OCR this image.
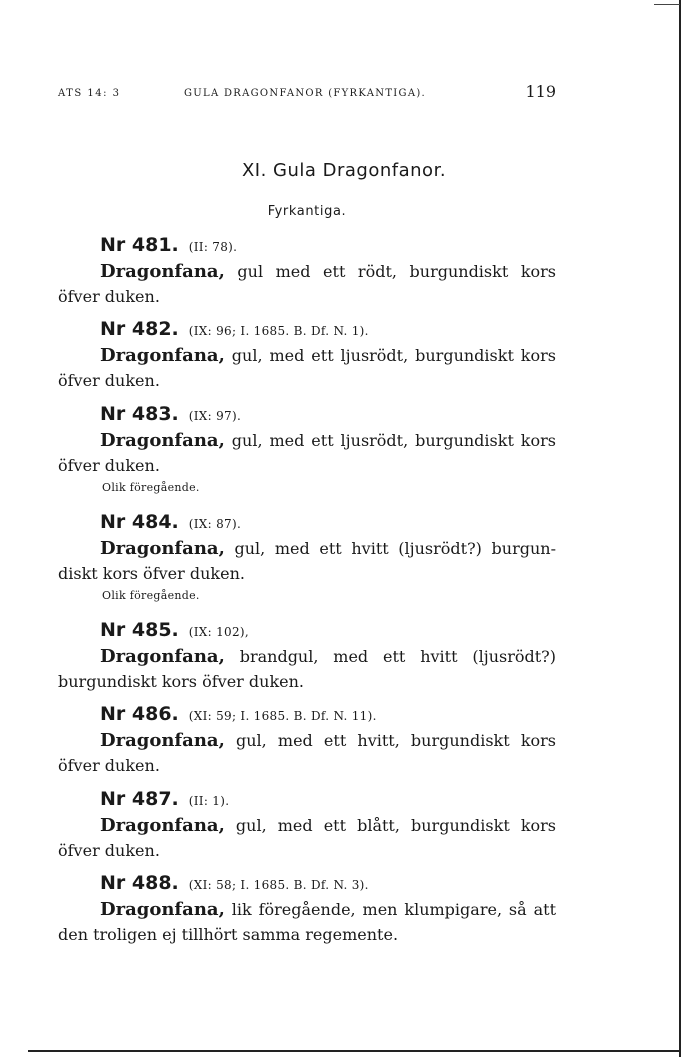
ATS 14: 3	GULA DRAGONFANOR (FYRKANTIGA).	119
XI. Gula Dragonfanor.
Fyrkantiga.
Nr 481. (II: 78).
Dragonfana, gul med ett rödt, burgundiskt kors öfver duken.
Nr 482. (IX: 96; I. 1685. B. Df. N. 1).
Dragonfana, gul, med ett ljusrödt, burgundiskt kors öfver duken.
Nr 483. (IX: 97).
Dragonfana, gul, med ett ljusrödt, burgundiskt kors öfver duken.
Olik föregående.
Nr 484. (IX: 87).
Dragonfana, gul, med ett hvitt (ljusrödt?) burgundiskt kors öfver duken.
Olik föregående.
Nr 485. (IX: 102),
Dragonfana, brandgul, med ett hvitt (ljusrödt?) burgundiskt kors öfver duken.
Nr 486. (XI: 59; I. 1685. B. Df. N. 11).
Dragonfana, gul, med ett hvitt, burgundiskt kors öfver duken.
Nr 487. (II: 1).
Dragonfana, gul, med ett blått, burgundiskt kors öfver duken.
Nr 488. (XI: 58; I. 1685. B. Df. N. 3).
Dragonfana, lik föregående, men klumpigare, så att den troligen ej tillhört samma regemente.
